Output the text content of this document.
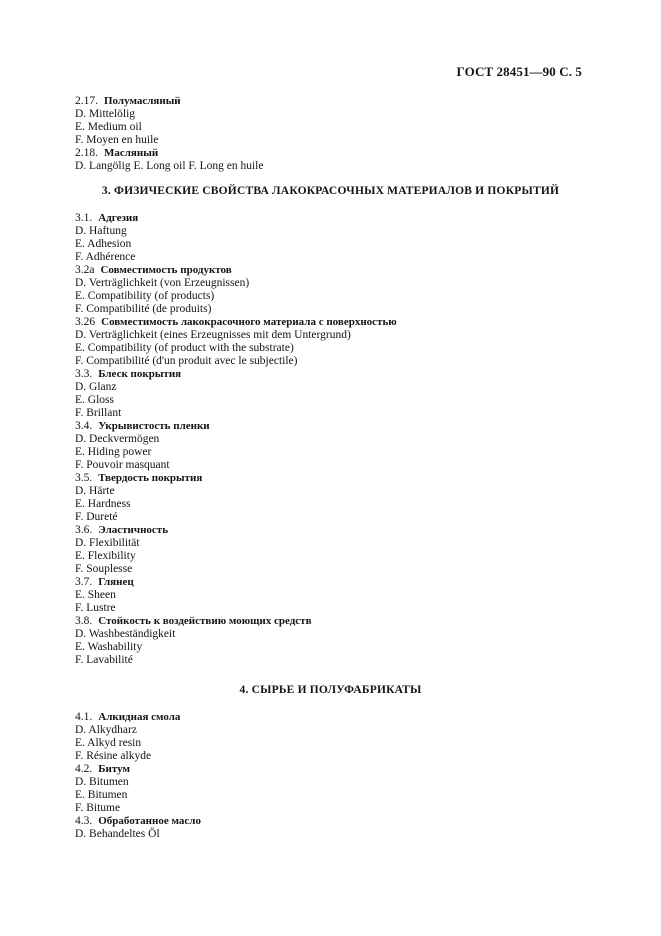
ГОСТ 28451—90 С. 5
2.17. Полумасляный
D. Mittelölig
E. Medium oil
F. Moyen en huile
2.18. Масляный
D. Langölig E. Long oil F. Long en huile
3. ФИЗИЧЕСКИЕ СВОЙСТВА ЛАКОКРАСОЧНЫХ МАТЕРИАЛОВ И ПОКРЫТИЙ
3.1. Адгезия
D. Haftung
E. Adhesion
F. Adhérence
3.2а Совместимость продуктов
D. Verträglichkeit (von Erzeugnissen)
E. Compatibility (of products)
F. Compatibilité (de produits)
3.26 Совместимость лакокрасочного материала с поверхностью
D. Verträglichkeit (eines Erzeugnisses mit dem Untergrund)
E. Compatibility (of product with the substrate)
F. Compatibilité (d'un produit avec le subjectile)
3.3. Блеск покрытия
D. Glanz
E. Gloss
F. Brillant
3.4. Укрывистость пленки
D. Deckvermögen
E. Hiding power
F. Pouvoir masquant
3.5. Твердость покрытия
D. Härte
E. Hardness
F. Dureté
3.6. Эластичность
D. Flexibilität
E. Flexibility
F. Souplesse
3.7. Глянец
E. Sheen
F. Lustre
3.8. Стойкость к воздействию моющих средств
D. Washbeständigkeit
E. Washability
F. Lavabilité
4. СЫРЬЕ И ПОЛУФАБРИКАТЫ
4.1. Алкидная смола
D. Alkydharz
E. Alkyd resin
F. Résine alkyde
4.2. Битум
D. Bitumen
E. Bitumen
F. Bitume
4.3. Обработанное масло
D. Behandeltes Öl
